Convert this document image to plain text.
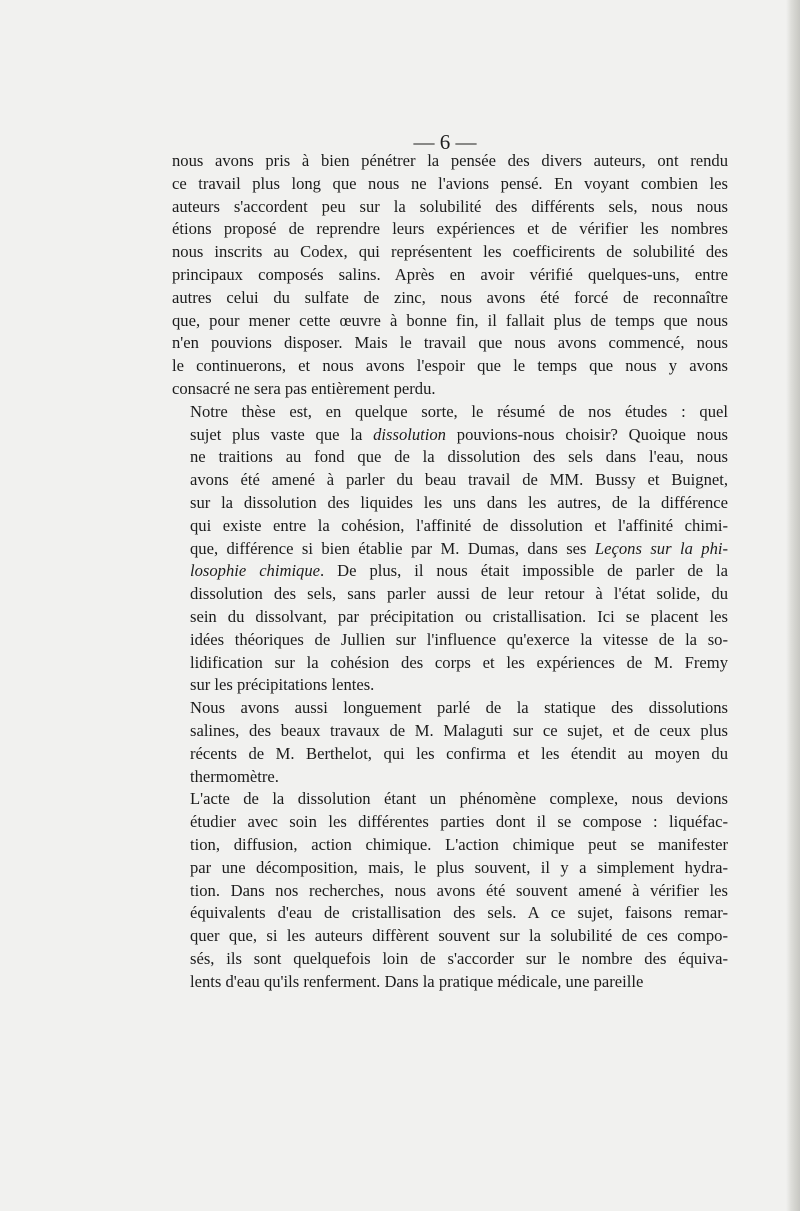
— 6 —

nous avons pris à bien pénétrer la pensée des divers auteurs, ont rendu
ce travail plus long que nous ne l'avions pensé. En voyant combien les
auteurs s'accordent peu sur la solubilité des différents sels, nous nous
étions proposé de reprendre leurs expériences et de vérifier les nombres
nous inscrits au Codex, qui représentent les coefficirents de solubilité des
principaux composés salins. Après en avoir vérifié quelques-uns, entre
autres celui du sulfate de zinc, nous avons été forcé de reconnaître
que, pour mener cette œuvre à bonne fin, il fallait plus de temps que nous
n'en pouvions disposer. Mais le travail que nous avons commencé, nous
le continuerons, et nous avons l'espoir que le temps que nous y avons
consacré ne sera pas entièrement perdu.

Notre thèse est, en quelque sorte, le résumé de nos études : quel
sujet plus vaste que la dissolution pouvions-nous choisir? Quoique nous
ne traitions au fond que de la dissolution des sels dans l'eau, nous
avons été amené à parler du beau travail de MM. Bussy et Buignet,
sur la dissolution des liquides les uns dans les autres, de la différence
qui existe entre la cohésion, l'affinité de dissolution et l'affinité chimi-
que, différence si bien établie par M. Dumas, dans ses Leçons sur la phi-
losophie chimique. De plus, il nous était impossible de parler de la
dissolution des sels, sans parler aussi de leur retour à l'état solide, du
sein du dissolvant, par précipitation ou cristallisation. Ici se placent les
idées théoriques de Jullien sur l'influence qu'exerce la vitesse de la so-
lidification sur la cohésion des corps et les expériences de M. Fremy
sur les précipitations lentes.

Nous avons aussi longuement parlé de la statique des dissolutions
salines, des beaux travaux de M. Malaguti sur ce sujet, et de ceux plus
récents de M. Berthelot, qui les confirma et les étendit au moyen du
thermomètre.

L'acte de la dissolution étant un phénomène complexe, nous devions
étudier avec soin les différentes parties dont il se compose : liquéfac-
tion, diffusion, action chimique. L'action chimique peut se manifester
par une décomposition, mais, le plus souvent, il y a simplement hydra-
tion. Dans nos recherches, nous avons été souvent amené à vérifier les
équivalents d'eau de cristallisation des sels. A ce sujet, faisons remar-
quer que, si les auteurs diffèrent souvent sur la solubilité de ces compo-
sés, ils sont quelquefois loin de s'accorder sur le nombre des équiva-
lents d'eau qu'ils renferment. Dans la pratique médicale, une pareille
